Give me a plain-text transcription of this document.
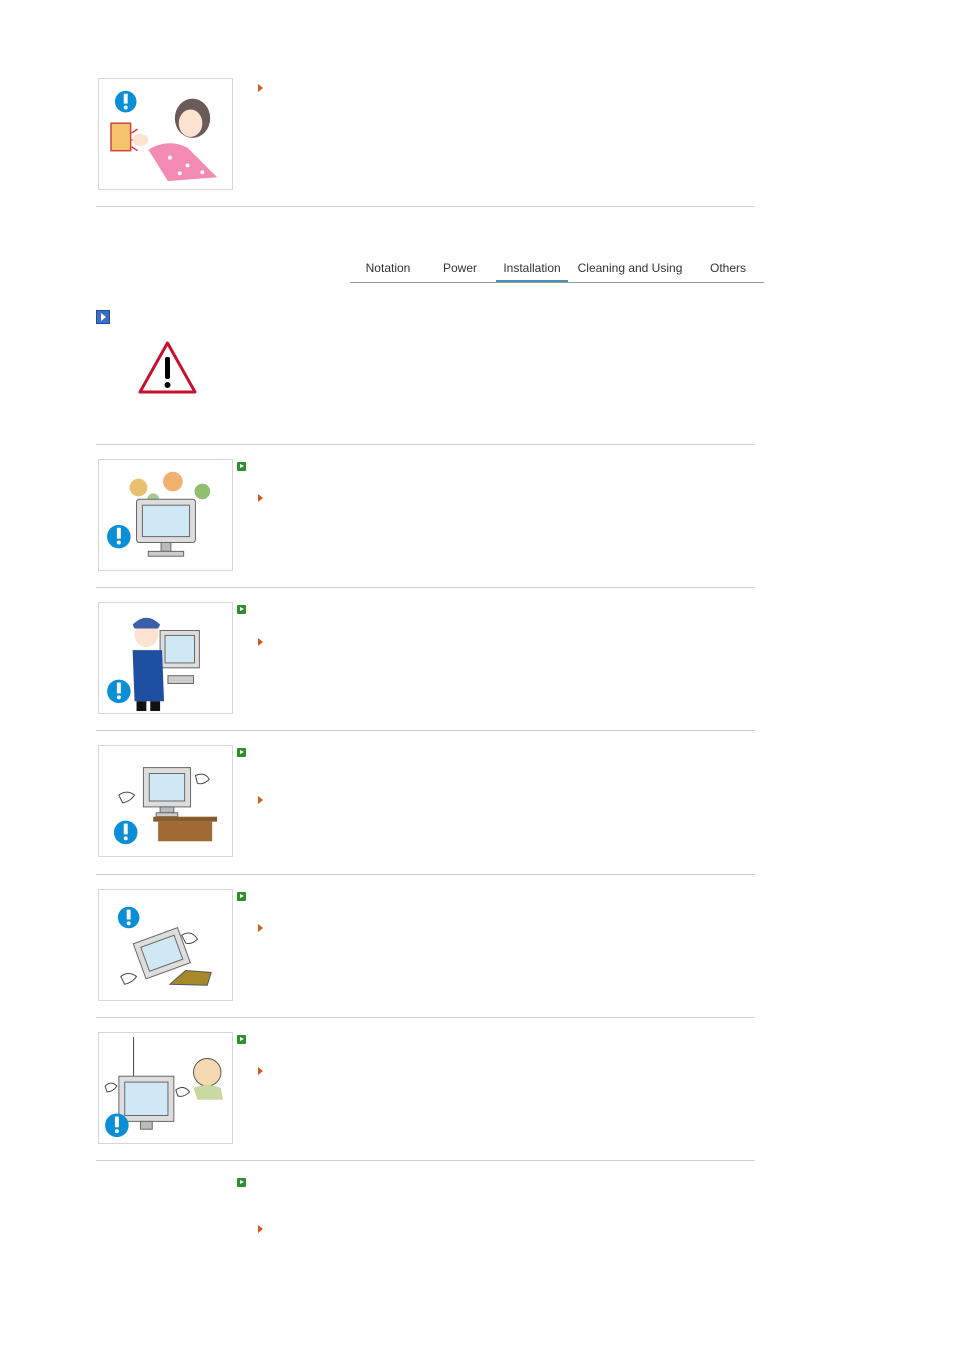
Notation	Power	Installation	Cleaning and Using	Others
